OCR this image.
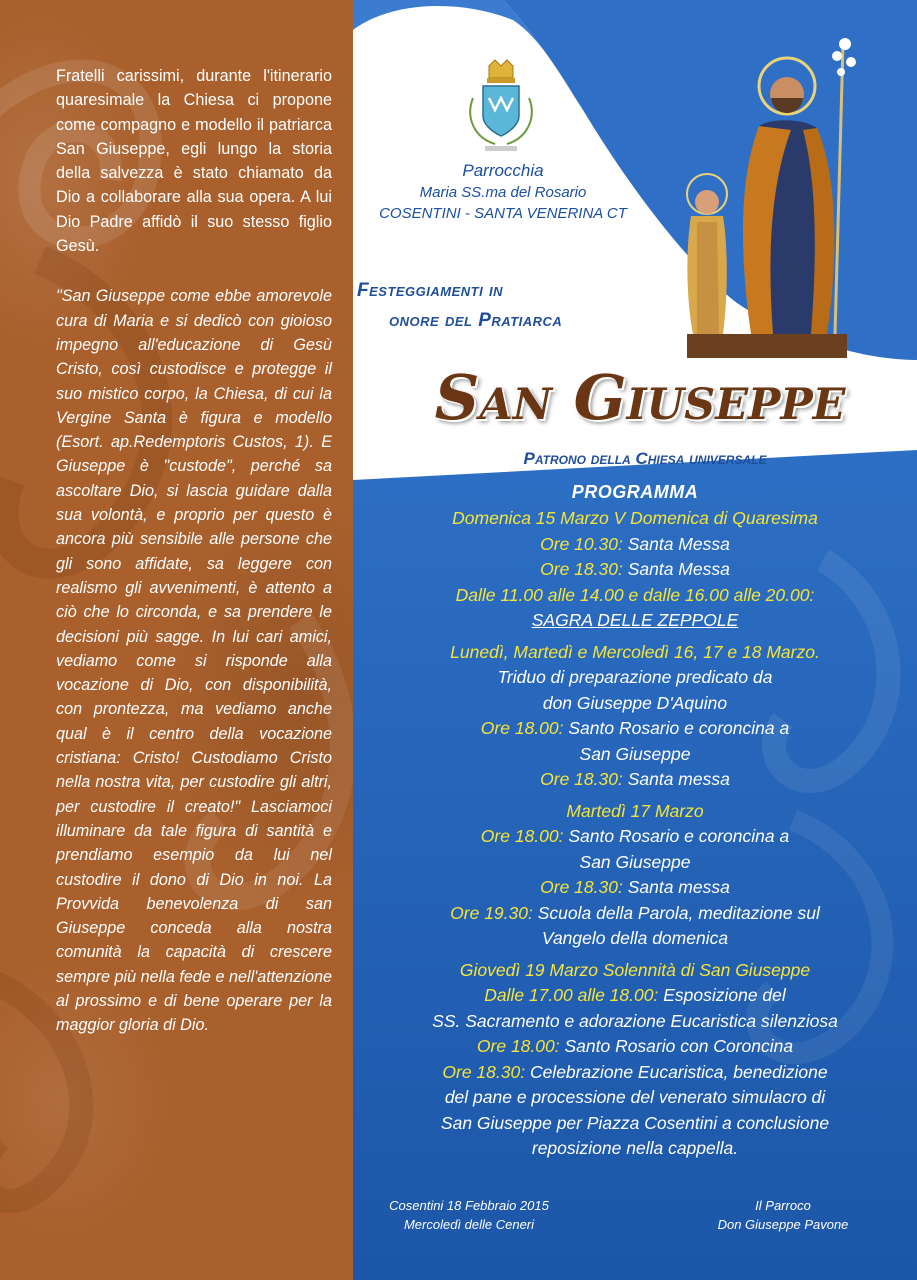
Fratelli carissimi, durante l'itinerario quaresimale la Chiesa ci propone come compagno e modello il patriarca San Giuseppe, egli lungo la storia della salvezza è stato chiamato da Dio a collaborare alla sua opera. A lui Dio Padre affidò il suo stesso figlio Gesù.

"San Giuseppe come ebbe amorevole cura di Maria e si dedicò con gioioso impegno all'educazione di Gesù Cristo, così custodisce e protegge il suo mistico corpo, la Chiesa, di cui la Vergine Santa è figura e modello (Esort. ap.Redemptoris Custos, 1). E Giuseppe è "custode", perché sa ascoltare Dio, si lascia guidare dalla sua volontà, e proprio per questo è ancora più sensibile alle persone che gli sono affidate, sa leggere con realismo gli avvenimenti, è attento a ciò che lo circonda, e sa prendere le decisioni più sagge. In lui cari amici, vediamo come si risponde alla vocazione di Dio, con disponibilità, con prontezza, ma vediamo anche qual è il centro della vocazione cristiana: Cristo! Custodiamo Cristo nella nostra vita, per custodire gli altri, per custodire il creato!" Lasciamoci illuminare da tale figura di santità e prendiamo esempio da lui nel custodire il dono di Dio in noi. La Provvida benevolenza di san Giuseppe conceda alla nostra comunità la capacità di crescere sempre più nella fede e nell'attenzione al prossimo e di bene operare per la maggior gloria di Dio.

Parrocchia
Maria SS.ma del Rosario
COSENTINI - SANTA VENERINA CT
Festeggiamenti in
onore del Pratiarca
San Giuseppe
Patrono della Chiesa universale
PROGRAMMA
Domenica 15 Marzo V Domenica di Quaresima
Ore 10.30: Santa Messa
Ore 18.30: Santa Messa
Dalle 11.00 alle 14.00 e dalle 16.00 alle 20.00:
SAGRA DELLE ZEPPOLE
Lunedì, Martedì e Mercoledì 16, 17 e 18 Marzo.
Triduo di preparazione predicato da
don Giuseppe D'Aquino
Ore 18.00: Santo Rosario e coroncina a
San Giuseppe
Ore 18.30: Santa messa
Martedì 17 Marzo
Ore 18.00: Santo Rosario e coroncina a
San Giuseppe
Ore 18.30: Santa messa
Ore 19.30: Scuola della Parola, meditazione sul
Vangelo della domenica
Giovedì 19 Marzo Solennità di San Giuseppe
Dalle 17.00 alle 18.00: Esposizione del
SS. Sacramento e adorazione Eucaristica silenziosa
Ore 18.00: Santo Rosario con Coroncina
Ore 18.30: Celebrazione Eucaristica, benedizione
del pane e processione del venerato simulacro di
San Giuseppe per Piazza Cosentini a conclusione
reposizione nella cappella.
Cosentini 18 Febbraio 2015
Mercoledì delle Ceneri
Il Parroco
Don Giuseppe Pavone
